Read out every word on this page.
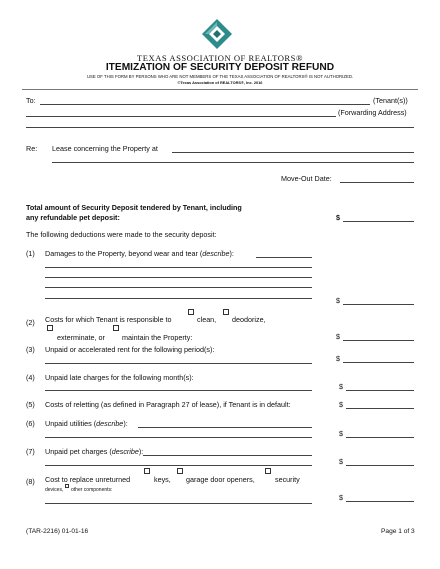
TEXAS ASSOCIATION OF REALTORS®
ITEMIZATION OF SECURITY DEPOSIT REFUND
USE OF THIS FORM BY PERSONS WHO ARE NOT MEMBERS OF THE TEXAS ASSOCIATION OF REALTORS® IS NOT AUTHORIZED.
©Texas Association of REALTORS®, Inc. 2016
To:	(Tenant(s))
(Forwarding Address)
Re: Lease concerning the Property at
Move-Out Date:
Total amount of Security Deposit tendered by Tenant, including
any refundable pet deposit:	$
The following deductions were made to the security deposit:
(1) Damages to the Property, beyond wear and tear (describe):
$
(2) Costs for which Tenant is responsible to	clean, deodorize,
exterminate, or maintain the Property:	$
(3) Unpaid or accelerated rent for the following period(s):
$
(4) Unpaid late charges for the following month(s):
$
(5) Costs of reletting (as defined in Paragraph 27 of lease), if Tenant is in default:	$
(6) Unpaid utilities (describe):
$
(7) Unpaid pet charges (describe):
$
(8) Cost to replace unreturned	keys, garage door openers,	security
devices, other components:
$
(TAR-2216) 01-01-16	Page 1 of 3
